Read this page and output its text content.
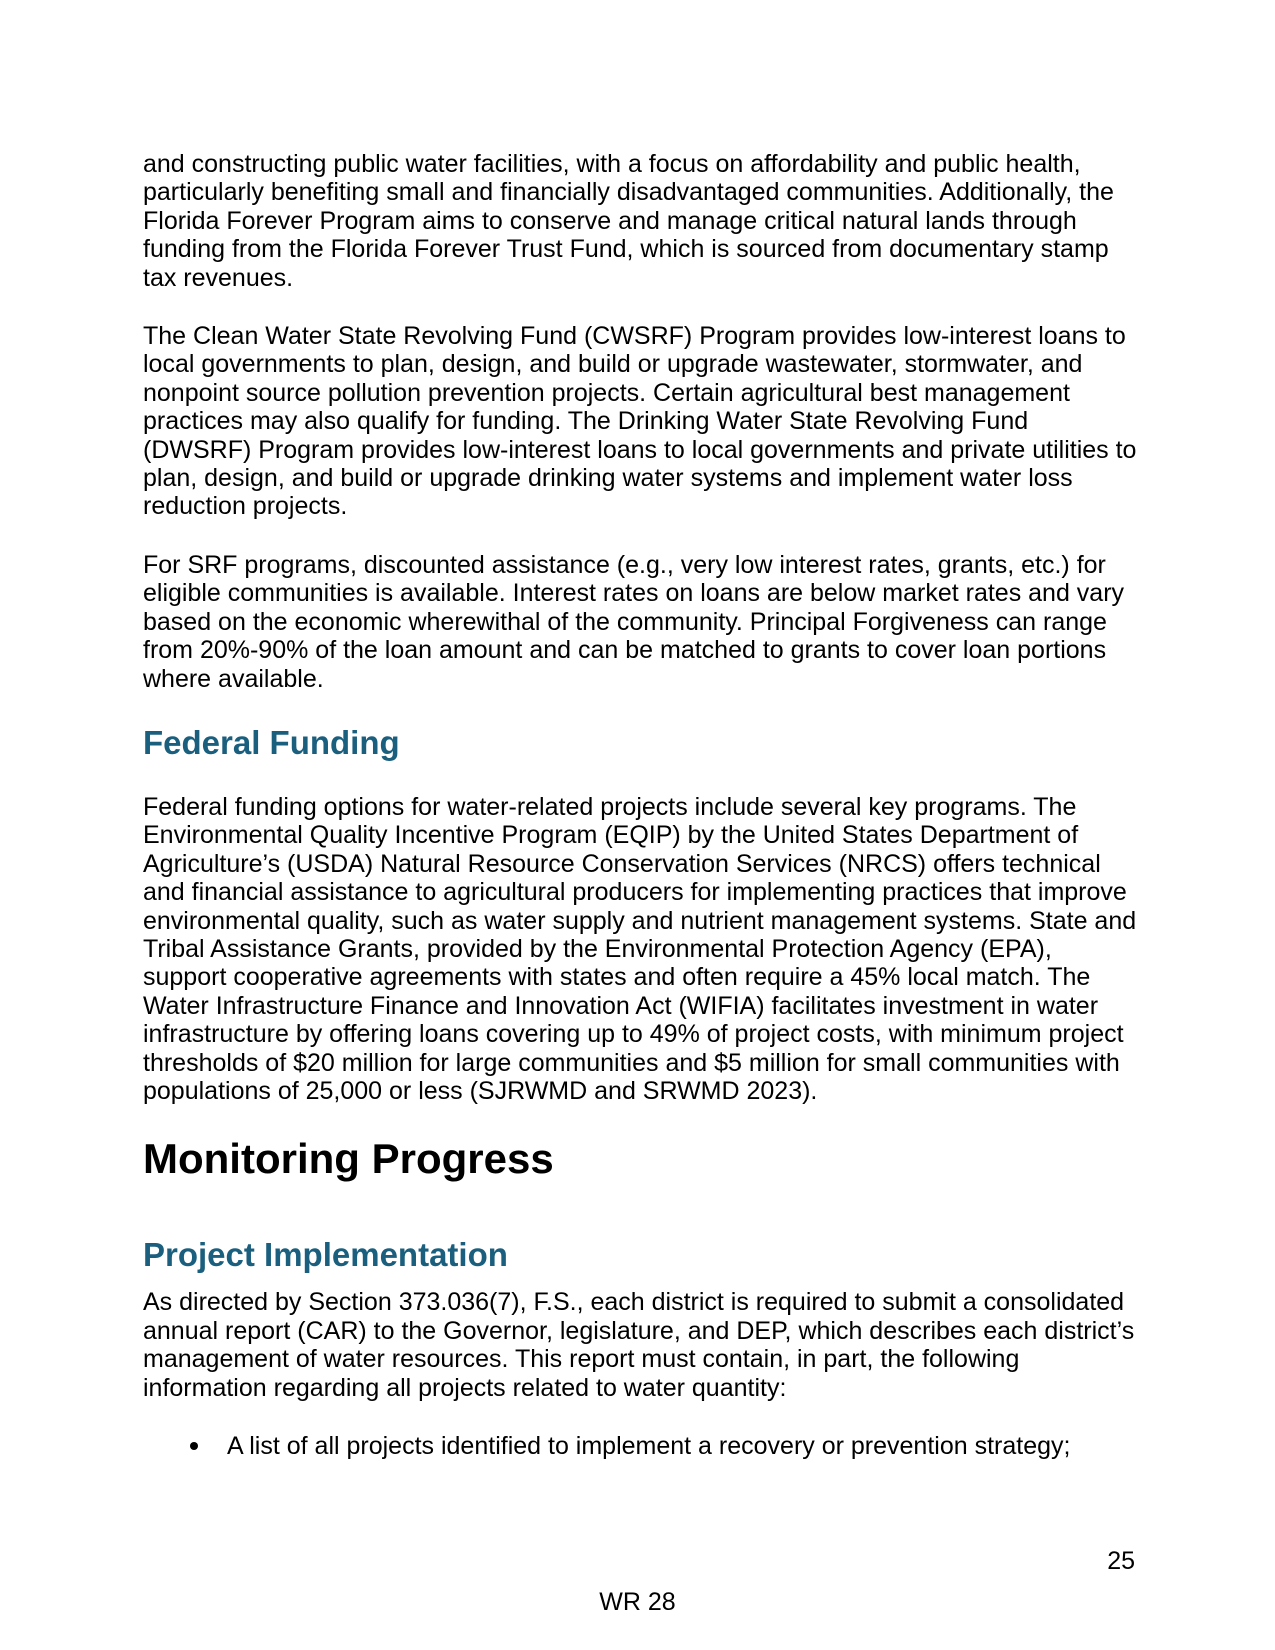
and constructing public water facilities, with a focus on affordability and public health, particularly benefiting small and financially disadvantaged communities. Additionally, the Florida Forever Program aims to conserve and manage critical natural lands through funding from the Florida Forever Trust Fund, which is sourced from documentary stamp tax revenues.

The Clean Water State Revolving Fund (CWSRF) Program provides low-interest loans to local governments to plan, design, and build or upgrade wastewater, stormwater, and nonpoint source pollution prevention projects. Certain agricultural best management practices may also qualify for funding. The Drinking Water State Revolving Fund (DWSRF) Program provides low-interest loans to local governments and private utilities to plan, design, and build or upgrade drinking water systems and implement water loss reduction projects.

For SRF programs, discounted assistance (e.g., very low interest rates, grants, etc.) for eligible communities is available. Interest rates on loans are below market rates and vary based on the economic wherewithal of the community. Principal Forgiveness can range from 20%-90% of the loan amount and can be matched to grants to cover loan portions where available.

Federal Funding

Federal funding options for water-related projects include several key programs. The Environmental Quality Incentive Program (EQIP) by the United States Department of Agriculture’s (USDA) Natural Resource Conservation Services (NRCS) offers technical and financial assistance to agricultural producers for implementing practices that improve environmental quality, such as water supply and nutrient management systems. State and Tribal Assistance Grants, provided by the Environmental Protection Agency (EPA), support cooperative agreements with states and often require a 45% local match. The Water Infrastructure Finance and Innovation Act (WIFIA) facilitates investment in water infrastructure by offering loans covering up to 49% of project costs, with minimum project thresholds of $20 million for large communities and $5 million for small communities with populations of 25,000 or less (SJRWMD and SRWMD 2023).

Monitoring Progress
Project Implementation

As directed by Section 373.036(7), F.S., each district is required to submit a consolidated annual report (CAR) to the Governor, legislature, and DEP, which describes each district’s management of water resources. This report must contain, in part, the following information regarding all projects related to water quantity:

A list of all projects identified to implement a recovery or prevention strategy;
25
WR 28
